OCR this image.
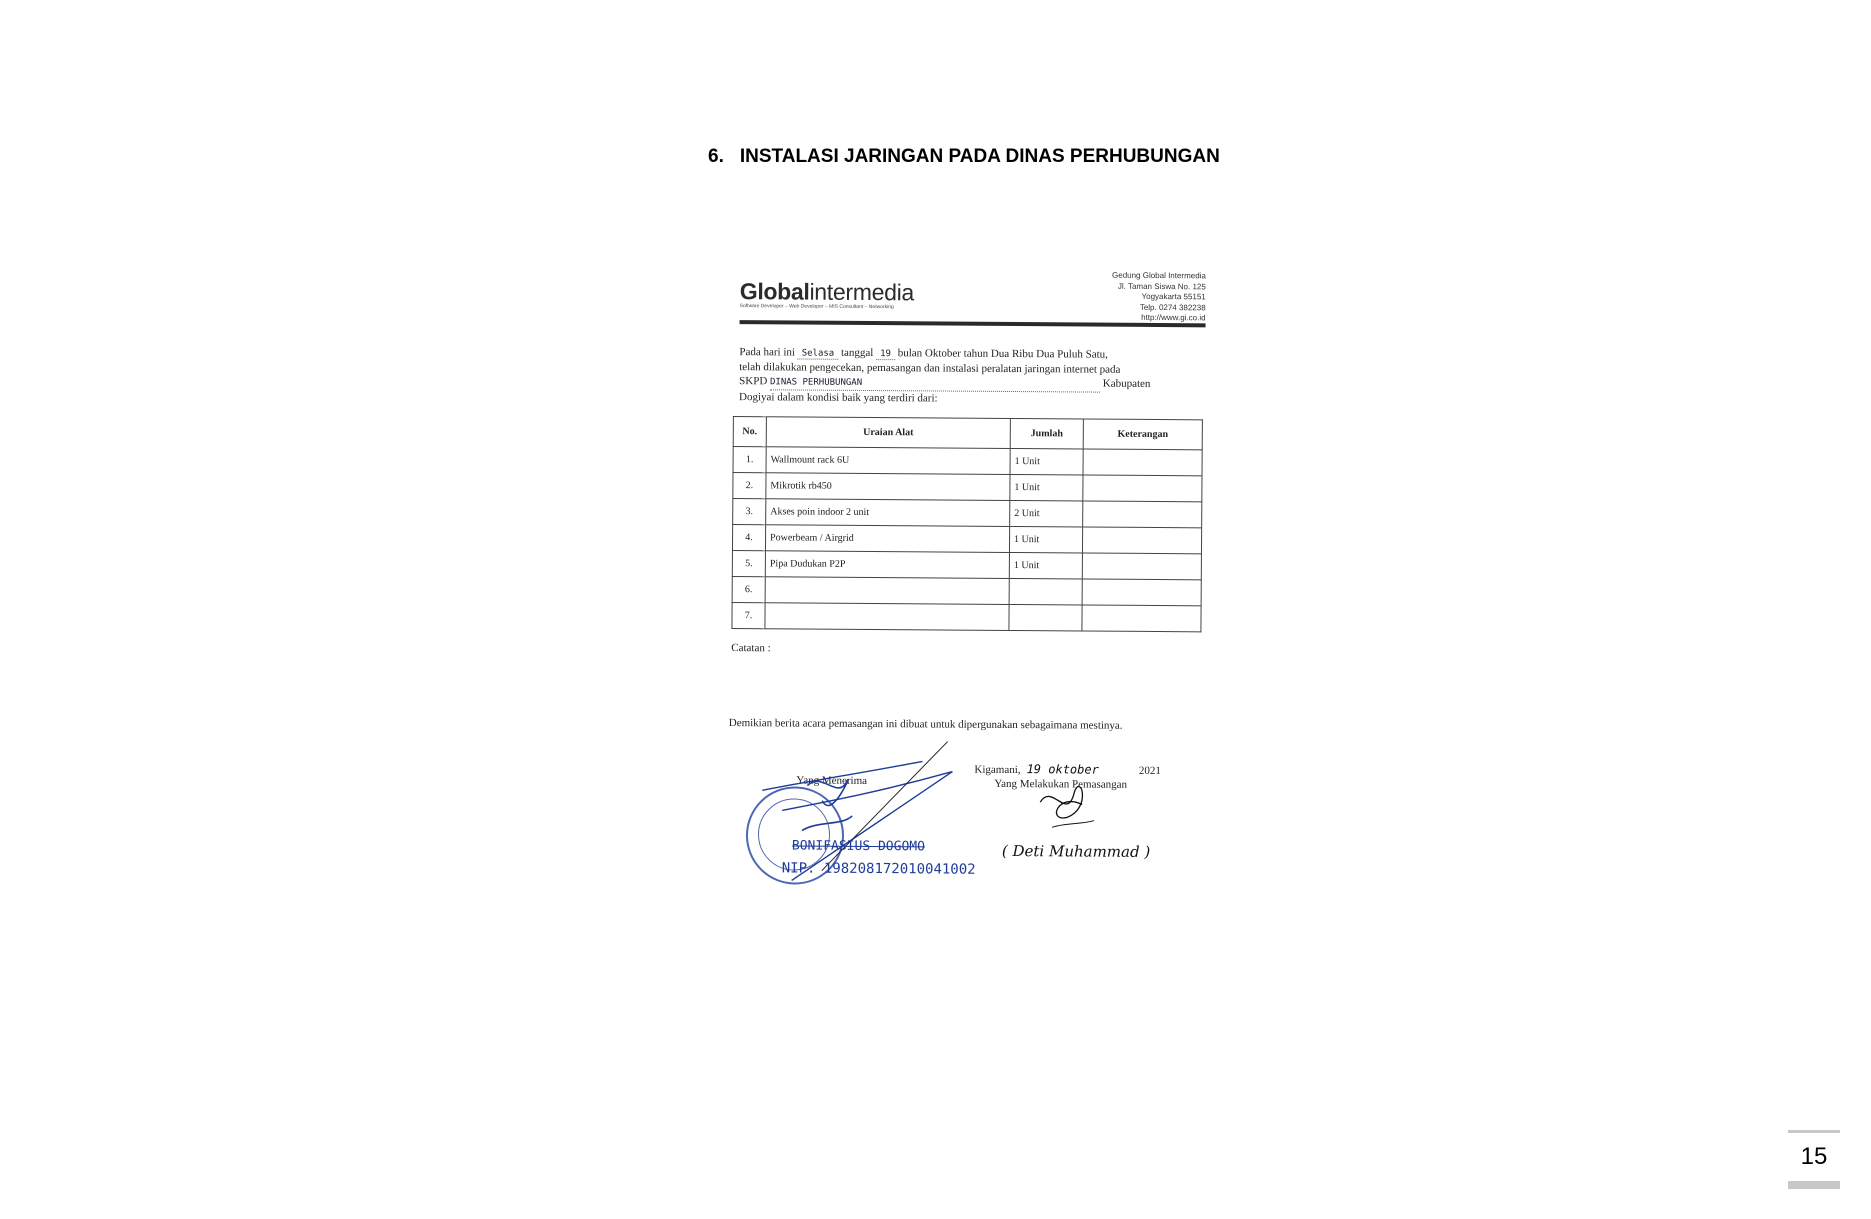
6. INSTALASI JARINGAN PADA DINAS PERHUBUNGAN
Globalintermedia
Software Developer – Web Developer – MIS Consultant – Networking
Gedung Global Intermedia
Jl. Taman Siswa No. 125
Yogyakarta 55151
Telp. 0274 382238
http://www.gi.co.id
Pada hari ini Selasa tanggal 19 bulan Oktober tahun Dua Ribu Dua Puluh Satu,
telah dilakukan pengecekan, pemasangan dan instalasi peralatan jaringan internet pada
SKPD DINAS PERHUBUNGAN	Kabupaten
Dogiyai dalam kondisi baik yang terdiri dari:
No.	Uraian Alat	Jumlah	Keterangan
1.	Wallmount rack 6U	1 Unit	
2.	Mikrotik rb450	1 Unit	
3.	Akses poin indoor 2 unit	2 Unit	
4.	Powerbeam / Airgrid	1 Unit	
5.	Pipa Dudukan P2P	1 Unit	
6.			
7.			
Catatan :
Demikian berita acara pemasangan ini dibuat untuk dipergunakan sebagaimana mestinya.
Kigamani, 19 oktober	2021
Yang Menerima	Yang Melakukan Pemasangan
BONIFASIUS DOGOMO
NIP. 198208172010041002
( Deti Muhammad )
15
